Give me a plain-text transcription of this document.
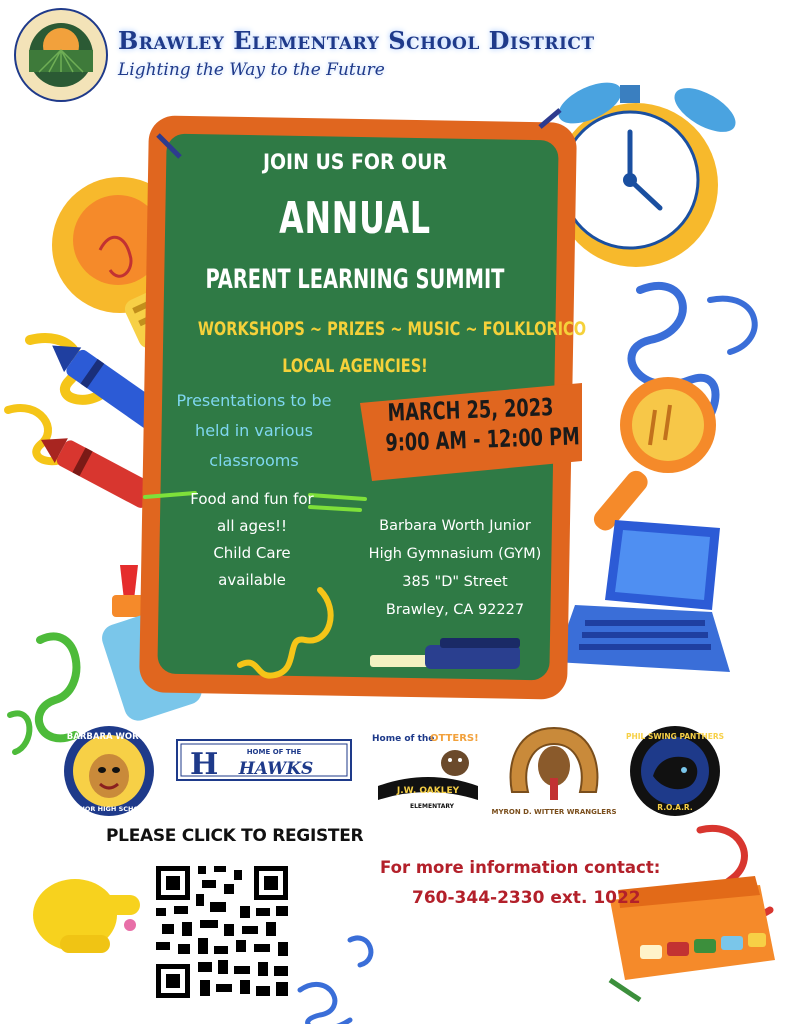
Brawley Elementary School District
Lighting the Way to the Future
JOIN US FOR OUR
ANNUAL
PARENT LEARNING SUMMIT
WORKSHOPS ~ PRIZES ~ MUSIC ~ FOLKLORICO
LOCAL AGENCIES!
Presentations to be held in various classrooms
MARCH 25, 2023
9:00 AM - 12:00 PM
Food and fun for all ages!!
Child Care available
Barbara Worth Junior
High Gymnasium (GYM)
385 "D" Street
Brawley, CA 92227
BARBARA WORTH
JUNIOR HIGH SCHOOL
H	HOME OF THE
HAWKS
Home of the
OTTERS!
J.W. OAKLEY
ELEMENTARY
MYRON D. WITTER WRANGLERS
PHIL SWING PANTHERS
R.O.A.R.
PLEASE CLICK TO REGISTER
For more information contact:
760-344-2330 ext. 1022
